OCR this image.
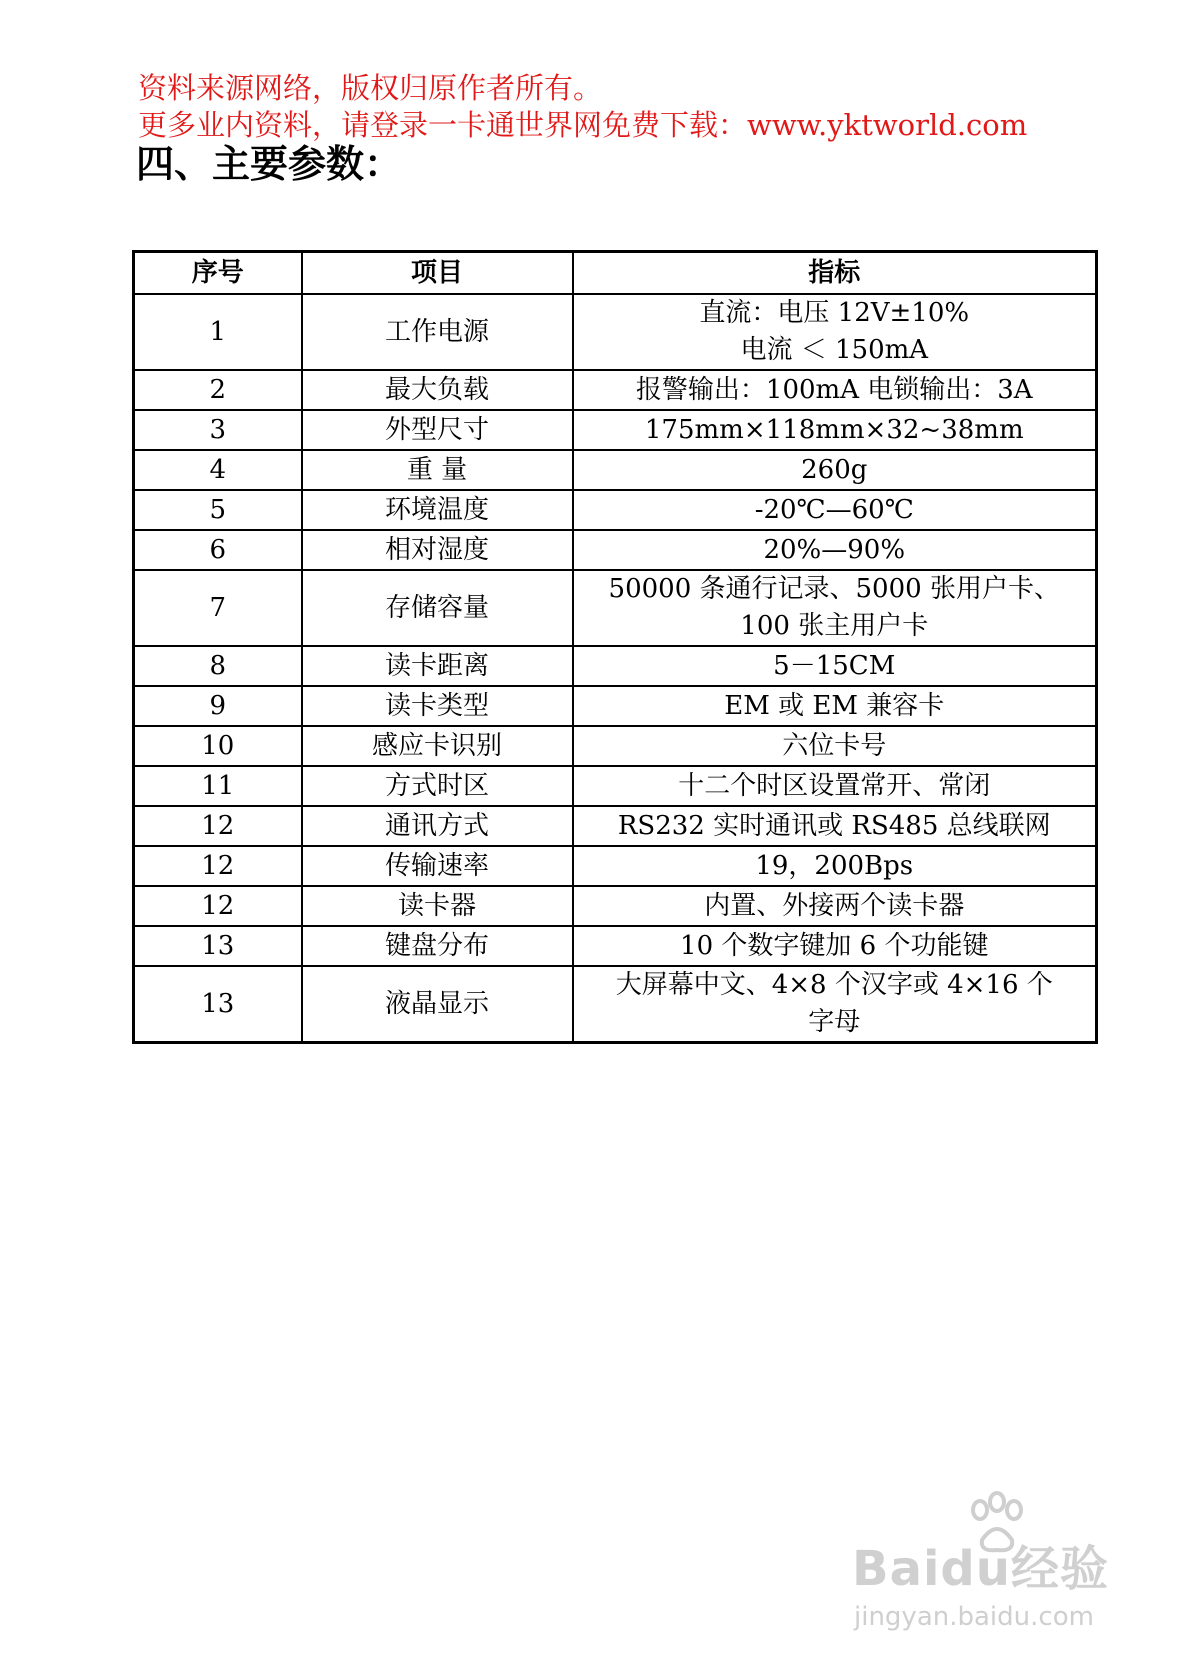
资料来源网络，版权归原作者所有。
更多业内资料，请登录一卡通世界网免费下载：www.yktworld.com
四、主要参数：
序号	项目	指标
1	工作电源	直流：电压 12V±10%
电流 ＜ 150mA
2	最大负载	报警输出：100mA 电锁输出：3A
3	外型尺寸	175mm×118mm×32~38mm
4	重 量	260g
5	环境温度	-20℃—60℃
6	相对湿度	20%—90%
7	存储容量	50000 条通行记录、5000 张用户卡、
100 张主用户卡
8	读卡距离	5－15CM
9	读卡类型	EM 或 EM 兼容卡
10	感应卡识别	六位卡号
11	方式时区	十二个时区设置常开、常闭
12	通讯方式	RS232 实时通讯或 RS485 总线联网
12	传输速率	19，200Bps
12	读卡器	内置、外接两个读卡器
13	键盘分布	10 个数字键加 6 个功能键
13	液晶显示	大屏幕中文、4×8 个汉字或 4×16 个
字母
Baidu经验
jingyan.baidu.com
